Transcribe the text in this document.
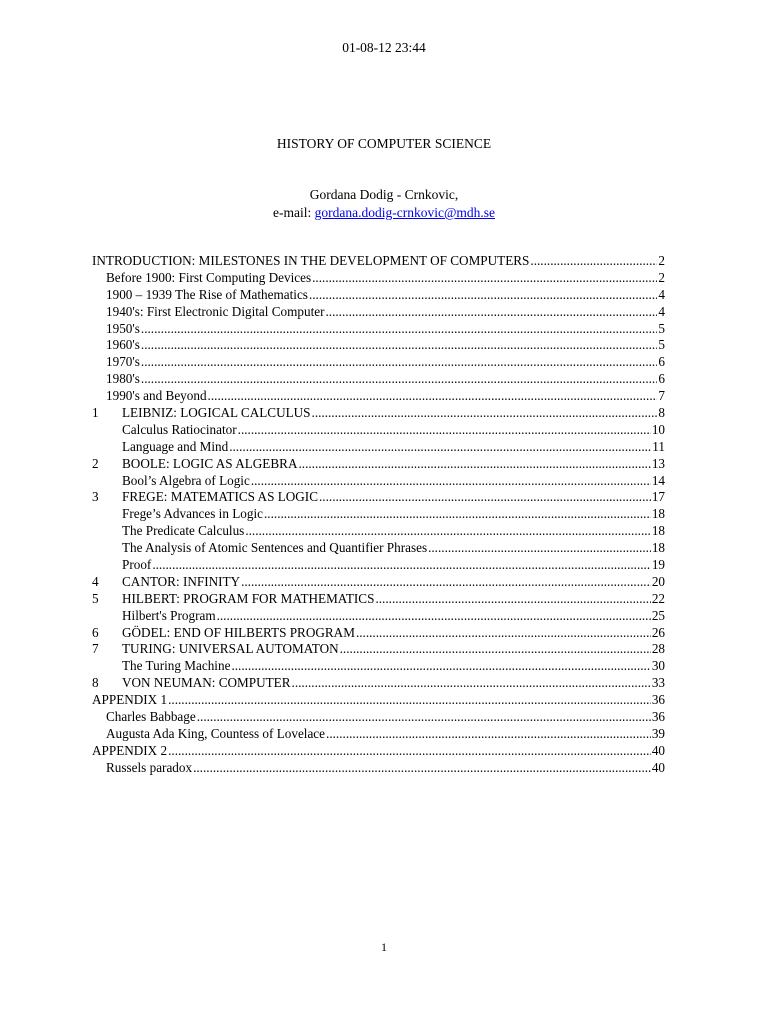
01-08-12 23:44
HISTORY OF COMPUTER SCIENCE
Gordana Dodig - Crnkovic,
e-mail: gordana.dodig-crnkovic@mdh.se
INTRODUCTION: MILESTONES IN THE DEVELOPMENT OF COMPUTERS .....	2
Before 1900: First Computing Devices .....	2
1900 – 1939 The Rise of Mathematics .....	4
1940's: First Electronic Digital Computer .....	4
1950's .....	5
1960's .....	5
1970's .....	6
1980's .....	6
1990's and Beyond .....	7
1	LEIBNIZ: LOGICAL CALCULUS .....	8
Calculus Ratiocinator .....	10
Language and Mind .....	11
2	BOOLE: LOGIC AS ALGEBRA .....	13
Bool’s Algebra of Logic .....	14
3	FREGE: MATEMATICS AS LOGIC .....	17
Frege’s Advances in Logic .....	18
The Predicate Calculus .....	18
The Analysis of Atomic Sentences and Quantifier Phrases .....	18
Proof .....	19
4	CANTOR: INFINITY .....	20
5	HILBERT: PROGRAM FOR MATHEMATICS .....	22
Hilbert's Program .....	25
6	GÖDEL: END OF HILBERTS PROGRAM .....	26
7	TURING: UNIVERSAL AUTOMATON .....	28
The Turing Machine .....	30
8	VON NEUMAN: COMPUTER .....	33
APPENDIX 1 .....	36
Charles Babbage .....	36
Augusta Ada King, Countess of Lovelace .....	39
APPENDIX 2 .....	40
Russels paradox .....	40
1
